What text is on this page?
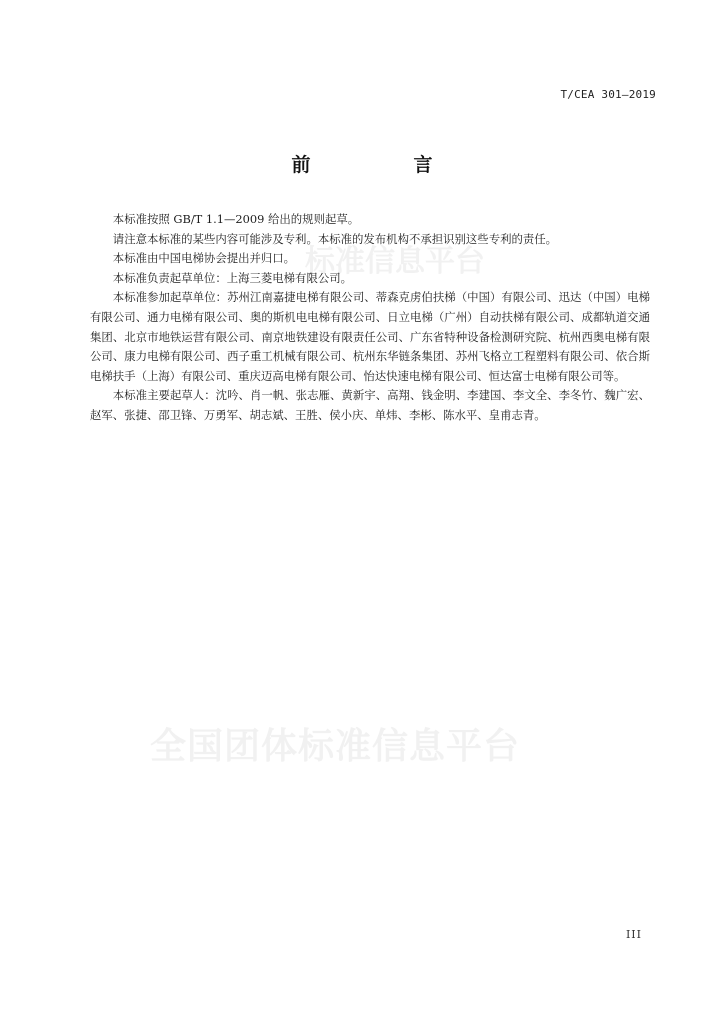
T/CEA 301—2019
前　言
标准信息平台
全国团体标准信息平台

本标准按照 GB/T 1.1—2009 给出的规则起草。

请注意本标准的某些内容可能涉及专利。本标准的发布机构不承担识别这些专利的责任。

本标准由中国电梯协会提出并归口。

本标准负责起草单位：上海三菱电梯有限公司。

本标准参加起草单位：苏州江南嘉捷电梯有限公司、蒂森克虏伯扶梯（中国）有限公司、迅达（中国）电梯有限公司、通力电梯有限公司、奥的斯机电电梯有限公司、日立电梯（广州）自动扶梯有限公司、成都轨道交通集团、北京市地铁运营有限公司、南京地铁建设有限责任公司、广东省特种设备检测研究院、杭州西奥电梯有限公司、康力电梯有限公司、西子重工机械有限公司、杭州东华链条集团、苏州飞格立工程塑料有限公司、依合斯电梯扶手（上海）有限公司、重庆迈高电梯有限公司、怡达快速电梯有限公司、恒达富士电梯有限公司等。

本标准主要起草人：沈吟、肖一帆、张志雁、黄新宇、高翔、钱金明、李建国、李文全、李冬竹、魏广宏、赵军、张捷、邵卫锋、万勇军、胡志斌、王胜、侯小庆、单炜、李彬、陈水平、皇甫志青。

III
